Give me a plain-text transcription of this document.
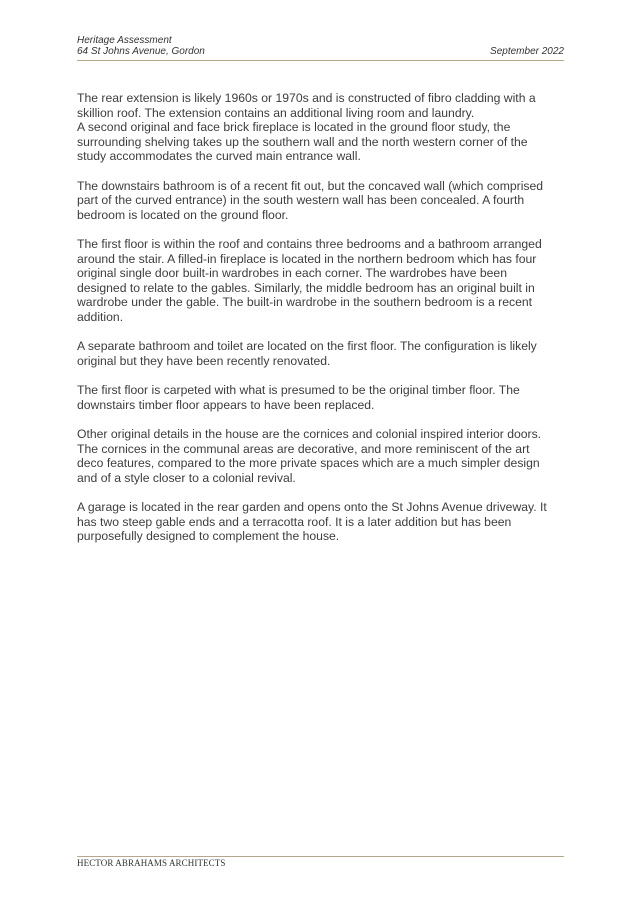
Heritage Assessment
64 St Johns Avenue, Gordon	September 2022

The rear extension is likely 1960s or 1970s and is constructed of fibro cladding with a
skillion roof. The extension contains an additional living room and laundry.
A second original and face brick fireplace is located in the ground floor study, the
surrounding shelving takes up the southern wall and the north western corner of the
study accommodates the curved main entrance wall.

The downstairs bathroom is of a recent fit out, but the concaved wall (which comprised
part of the curved entrance) in the south western wall has been concealed. A fourth
bedroom is located on the ground floor.

The first floor is within the roof and contains three bedrooms and a bathroom arranged
around the stair. A filled-in fireplace is located in the northern bedroom which has four
original single door built-in wardrobes in each corner. The wardrobes have been
designed to relate to the gables. Similarly, the middle bedroom has an original built in
wardrobe under the gable. The built-in wardrobe in the southern bedroom is a recent
addition.

A separate bathroom and toilet are located on the first floor. The configuration is likely
original but they have been recently renovated.

The first floor is carpeted with what is presumed to be the original timber floor. The
downstairs timber floor appears to have been replaced.

Other original details in the house are the cornices and colonial inspired interior doors.
The cornices in the communal areas are decorative, and more reminiscent of the art
deco features, compared to the more private spaces which are a much simpler design
and of a style closer to a colonial revival.

A garage is located in the rear garden and opens onto the St Johns Avenue driveway. It
has two steep gable ends and a terracotta roof. It is a later addition but has been
purposefully designed to complement the house.

HECTOR ABRAHAMS ARCHITECTS
